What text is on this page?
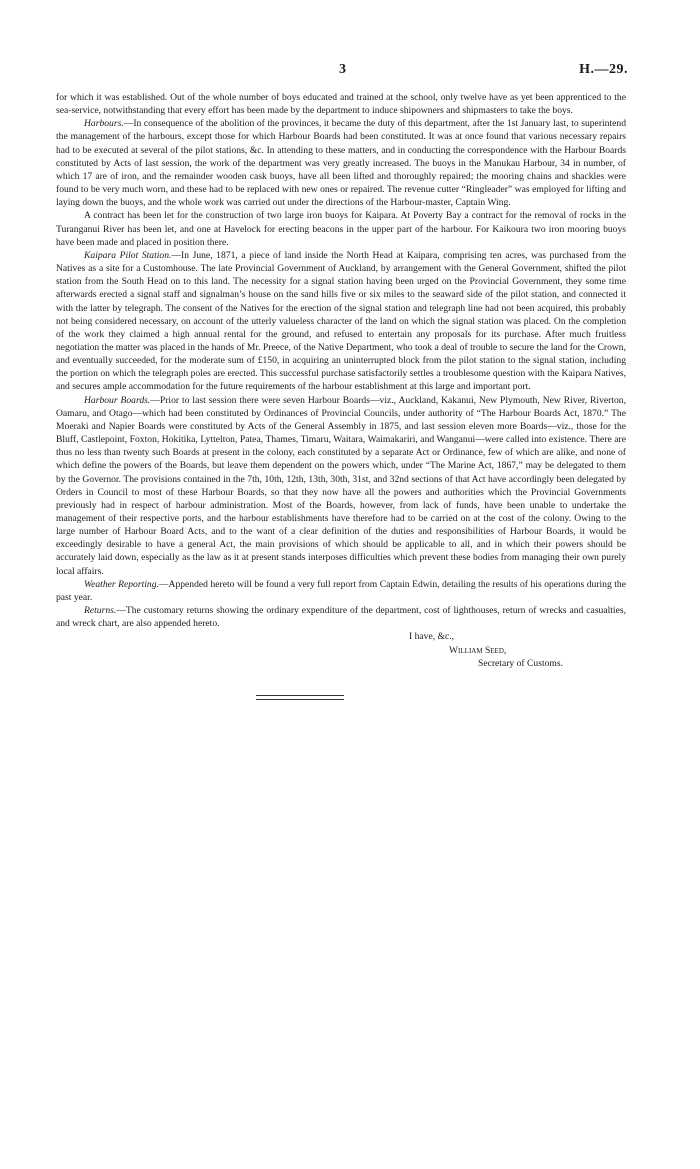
3	H.—29.

for which it was established. Out of the whole number of boys educated and trained at the school, only twelve have as yet been apprenticed to the sea-service, notwithstanding that every effort has been made by the department to induce shipowners and shipmasters to take the boys.

Harbours.—In consequence of the abolition of the provinces, it became the duty of this department, after the 1st January last, to superintend the management of the harbours, except those for which Harbour Boards had been constituted. It was at once found that various necessary repairs had to be executed at several of the pilot stations, &c. In attending to these matters, and in conducting the correspondence with the Harbour Boards constituted by Acts of last session, the work of the department was very greatly increased. The buoys in the Manukau Harbour, 34 in number, of which 17 are of iron, and the remainder wooden cask buoys, have all been lifted and thoroughly repaired; the mooring chains and shackles were found to be very much worn, and these had to be replaced with new ones or repaired. The revenue cutter “Ringleader” was employed for lifting and laying down the buoys, and the whole work was carried out under the directions of the Harbour-master, Captain Wing.

A contract has been let for the construction of two large iron buoys for Kaipara. At Poverty Bay a contract for the removal of rocks in the Turanganui River has been let, and one at Havelock for erecting beacons in the upper part of the harbour. For Kaikoura two iron mooring buoys have been made and placed in position there.

Kaipara Pilot Station.—In June, 1871, a piece of land inside the North Head at Kaipara, comprising ten acres, was purchased from the Natives as a site for a Customhouse. The late Provincial Government of Auckland, by arrangement with the General Government, shifted the pilot station from the South Head on to this land. The necessity for a signal station having been urged on the Provincial Government, they some time afterwards erected a signal staff and signalman’s house on the sand hills five or six miles to the seaward side of the pilot station, and connected it with the latter by telegraph. The consent of the Natives for the erection of the signal station and telegraph line had not been acquired, this probably not being considered necessary, on account of the utterly valueless character of the land on which the signal station was placed. On the completion of the work they claimed a high annual rental for the ground, and refused to entertain any proposals for its purchase. After much fruitless negotiation the matter was placed in the hands of Mr. Preece, of the Native Department, who took a deal of trouble to secure the land for the Crown, and eventually succeeded, for the moderate sum of £150, in acquiring an uninterrupted block from the pilot station to the signal station, including the portion on which the telegraph poles are erected. This successful purchase satisfactorily settles a troublesome question with the Kaipara Natives, and secures ample accommodation for the future requirements of the harbour establishment at this large and important port.

Harbour Boards.—Prior to last session there were seven Harbour Boards—viz., Auckland, Kakanui, New Plymouth, New River, Riverton, Oamaru, and Otago—which had been constituted by Ordinances of Provincial Councils, under authority of “The Harbour Boards Act, 1870.” The Moeraki and Napier Boards were constituted by Acts of the General Assembly in 1875, and last session eleven more Boards—viz., those for the Bluff, Castlepoint, Foxton, Hokitika, Lyttelton, Patea, Thames, Timaru, Waitara, Waimakariri, and Wanganui—were called into existence. There are thus no less than twenty such Boards at present in the colony, each constituted by a separate Act or Ordinance, few of which are alike, and none of which define the powers of the Boards, but leave them dependent on the powers which, under “The Marine Act, 1867,” may be delegated to them by the Governor. The provisions contained in the 7th, 10th, 12th, 13th, 30th, 31st, and 32nd sections of that Act have accordingly been delegated by Orders in Council to most of these Harbour Boards, so that they now have all the powers and authorities which the Provincial Governments previously had in respect of harbour administration. Most of the Boards, however, from lack of funds, have been unable to undertake the management of their respective ports, and the harbour establishments have therefore had to be carried on at the cost of the colony. Owing to the large number of Harbour Board Acts, and to the want of a clear definition of the duties and responsibilities of Harbour Boards, it would be exceedingly desirable to have a general Act, the main provisions of which should be applicable to all, and in which their powers should be accurately laid down, especially as the law as it at present stands interposes difficulties which prevent these bodies from managing their own purely local affairs.

Weather Reporting.—Appended hereto will be found a very full report from Captain Edwin, detailing the results of his operations during the past year.

Returns.—The customary returns showing the ordinary expenditure of the department, cost of lighthouses, return of wrecks and casualties, and wreck chart, are also appended hereto.

I have, &c.,
William Seed,
Secretary of Customs.
